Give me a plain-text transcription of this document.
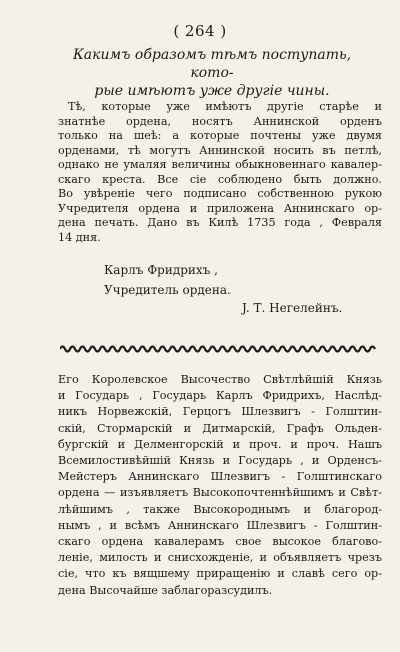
( 264 )
Какимъ образомъ тѣмъ поступать, кото-
рые имѣютъ уже другіе чины.
Тѣ, которые уже имѣютъ другіе старѣе и
знатнѣе ордена, носятъ Аннинской орденъ
только на шеѣ: а которые почтены уже двумя
орденами, тѣ могутъ Аннинской носить въ петлѣ,
однако не умаляя величины обыкновеннаго кавалер-
скаго креста. Все сіе соблюдено быть должно.
Во увѣреніе чего подписано собственною рукою
Учредителя ордена и приложена Аннинскаго ор-
дена печать. Дано въ Килѣ 1735 года , Февраля
14 дня.
Карлъ Фридрихъ ,
Учредитель ордена.
J. Т. Негелейнъ.
Его Королевское Высочество Свѣтлѣйшій Князь
и Государь , Государь Карлъ Фридрихъ, Наслѣд-
никъ Норвежскій, Герцогъ Шлезвигъ - Голштин-
скій, Стормарскій и Дитмарскій, Графъ Ольден-
бургскій и Делменгорскій и проч. и проч. Нашъ
Всемилостивѣйшій Князь и Государь , и Орденсъ-
Мейстеръ Аннинскаго Шлезвигъ - Голштинскаго
ордена — изъявляетъ Высокопочтеннѣйшимъ и Свѣт-
лѣйшимъ , также Высокороднымъ и благород-
нымъ , и всѣмъ Аннинскаго Шлезвигъ - Голштин-
скаго ордена кавалерамъ свое высокое благово-
леніе, милость и снисхожденіе, и объявляетъ чрезъ
сіе, что къ вящшему приращенію и славѣ сего ор-
дена Высочайше заблагоразсудилъ.
